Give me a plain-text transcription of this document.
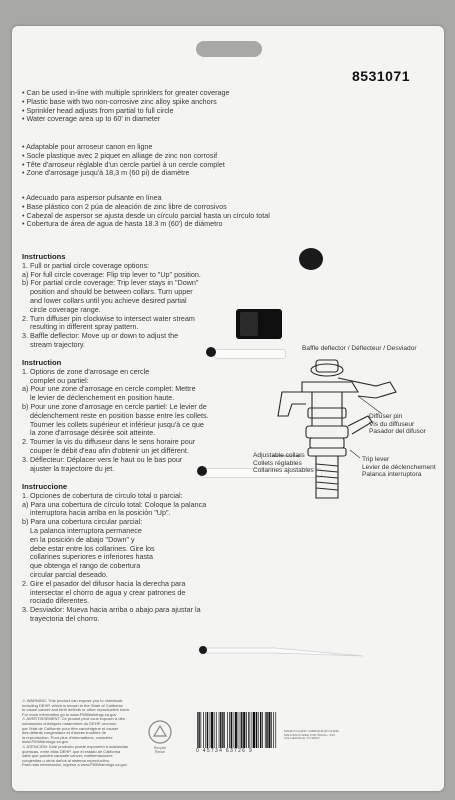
8531071
• Can be used in-line with multiple sprinklers for greater coverage
• Plastic base with two non-corrosive zinc alloy spike anchors
• Sprinkler head adjusts from partial to full circle
• Water coverage area up to 60' in diameter
• Adaptable pour arroseur canon en ligne
• Socle plastique avec 2 piquet en alliage de zinc non corrosif
• Tête d'arroseur réglable d'un cercle partiel à un cercle complet
• Zone d'arrosage jusqu'à 18,3 m (60 pi) de diamètre
• Adecuado para aspersor pulsante en línea
• Base plástico con 2 púa de aleación de zinc libre de corrosivos
• Cabezal de aspersor se ajusta desde un círculo parcial hasta un círculo total
• Cobertura de área de agua de hasta 18.3 m (60') de diámetro
Instructions
1. Full or partial circle coverage options:
a) For full circle coverage: Flip trip lever to "Up" position.
b) For partial circle coverage: Trip lever stays in "Down"
position and should be between collars. Turn upper
and lower collars until you achieve desired partial
circle coverage range.
2. Turn diffuser pin clockwise to intersect water stream
resulting in different spray pattern.
3. Baffle deflector: Move up or down to adjust the
stream trajectory.
Instruction
1. Options de zone d'arrosage en cercle
complet ou partiel:
a) Pour une zone d'arrosage en cercle complet: Mettre
le levier de déclenchement en position haute.
b) Pour une zone d'arrosage en cercle partiel: Le levier de
déclenchement reste en position basse entre les collets.
Tourner les collets supérieur et inférieur jusqu'à ce que
la zone d'arrosage désirée soit atteinte.
2. Tourner la vis du diffuseur dans le sens horaire pour
couper le débit d'eau afin d'obtenir un jet différent.
3. Déflecteur: Déplacer vers le haut ou le bas pour
ajuster la trajectoire du jet.
Instruccione
1. Opciones de cobertura de círculo total o parcial:
a) Para una cobertura de círculo total: Coloque la palanca
interruptora hacia arriba en la posición "Up".
b) Para una cobertura circular parcial:
La palanca interruptora permanece
en la posición de abajo "Down" y
debe estar entre los collarines. Gire los
collarines superiores e inferiores hasta
que obtenga el rango de cobertura
circular parcial deseado.
2. Gire el pasador del difusor hacia la derecha para
intersectar el chorro de agua y crear patrones de
rociado diferentes.
3. Desviador: Mueva hacia arriba o abajo para ajustar la
trayectoria del chorro.
Baffle deflector / Déflecteur / Desviador
Diffuser pin
Vis du diffuseur
Pasador del difusor
Adjustable collars
Collets réglables
Collarines ajustables
Trip lever
Levier de déclenchement
Palanca interruptora
⚠ WARNING: This product can expose you to chemicals
including DEHP, which is known to the State of California
to cause cancer and birth defects or other reproductive harm.
For more information go to www.P65Warnings.ca.gov
⚠ AVERTISSEMENT: Ce produit peut vous exposer à des
substances chimiques notamment du DEHP, reconnu
par l'état de Californie pour être cancérigène et causer
des défauts congénitaux et d'autres troubles de
la reproduction. Pour plus d'informations, consultez
www.P65Warnings.ca.gov
⚠ ATENCIÓN: Este producto puede exponerlo a sustancias
químicas, entre ellas DEHP, que el estado de California
sabe que pueden causarle cáncer, malformaciones
congénitas u otros daños al sistema reproductivo.
Para más información, ingrese a www.P65Warnings.ca.gov
Recycle
Reuse	0 45734 63726 9
MADE IN CHINA. FABRIQUÉ EN CHINE
MANUFACTURED FOR ORGILL, INC.
COLLIERVILLE, TN 38017
